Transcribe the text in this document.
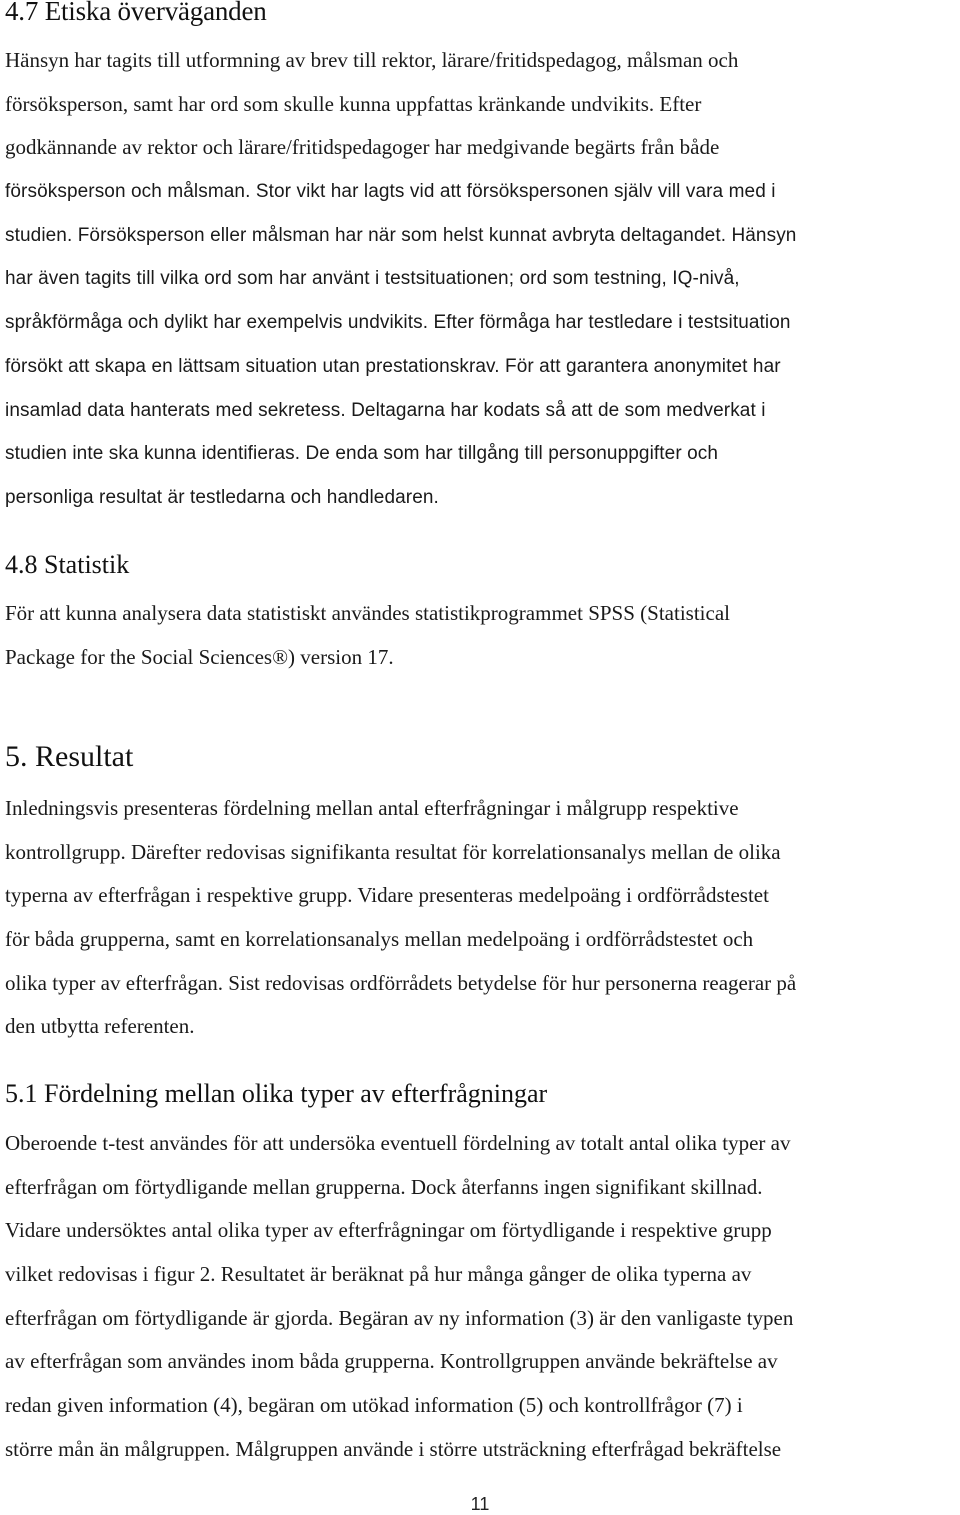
4.7 Etiska överväganden
Hänsyn har tagits till utformning av brev till rektor, lärare/fritidspedagog, målsman och
försöksperson, samt har ord som skulle kunna uppfattas kränkande undvikits. Efter
godkännande av rektor och lärare/fritidspedagoger har medgivande begärts från både
försöksperson och målsman. Stor vikt har lagts vid att försökspersonen själv vill vara med i
studien. Försöksperson eller målsman har när som helst kunnat avbryta deltagandet. Hänsyn
har även tagits till vilka ord som har använt i testsituationen; ord som testning, IQ-nivå,
språkförmåga och dylikt har exempelvis undvikits. Efter förmåga har testledare i testsituation
försökt att skapa en lättsam situation utan prestationskrav. För att garantera anonymitet har
insamlad data hanterats med sekretess. Deltagarna har kodats så att de som medverkat i
studien inte ska kunna identifieras. De enda som har tillgång till personuppgifter och
personliga resultat är testledarna och handledaren.
4.8 Statistik
För att kunna analysera data statistiskt användes statistikprogrammet SPSS (Statistical
Package for the Social Sciences®) version 17.
5. Resultat
Inledningsvis presenteras fördelning mellan antal efterfrågningar i målgrupp respektive
kontrollgrupp. Därefter redovisas signifikanta resultat för korrelationsanalys mellan de olika
typerna av efterfrågan i respektive grupp. Vidare presenteras medelpoäng i ordförrådstestet
för båda grupperna, samt en korrelationsanalys mellan medelpoäng i ordförrådstestet och
olika typer av efterfrågan. Sist redovisas ordförrådets betydelse för hur personerna reagerar på
den utbytta referenten.
5.1 Fördelning mellan olika typer av efterfrågningar
Oberoende t-test användes för att undersöka eventuell fördelning av totalt antal olika typer av
efterfrågan om förtydligande mellan grupperna. Dock återfanns ingen signifikant skillnad.
Vidare undersöktes antal olika typer av efterfrågningar om förtydligande i respektive grupp
vilket redovisas i figur 2. Resultatet är beräknat på hur många gånger de olika typerna av
efterfrågan om förtydligande är gjorda. Begäran av ny information (3) är den vanligaste typen
av efterfrågan som användes inom båda grupperna. Kontrollgruppen använde bekräftelse av
redan given information (4), begäran om utökad information (5) och kontrollfrågor (7) i
större mån än målgruppen. Målgruppen använde i större utsträckning efterfrågad bekräftelse
11
